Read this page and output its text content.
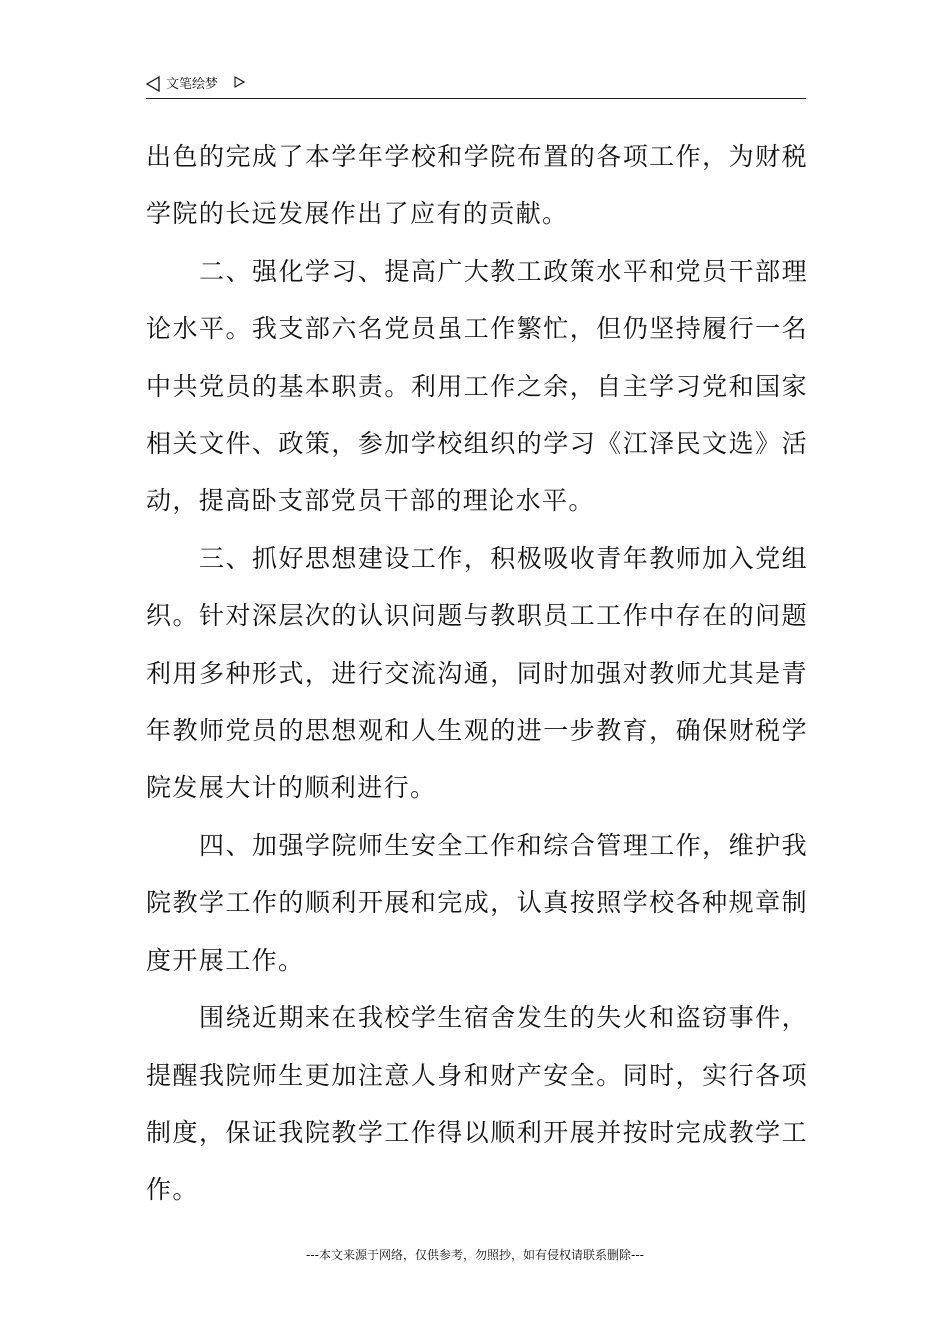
文笔绘梦

出色的完成了本学年学校和学院布置的各项工作，为财税学院的长远发展作出了应有的贡献。

二、强化学习、提高广大教工政策水平和党员干部理论水平。我支部六名党员虽工作繁忙，但仍坚持履行一名中共党员的基本职责。利用工作之余，自主学习党和国家相关文件、政策，参加学校组织的学习《江泽民文选》活动，提高卧支部党员干部的理论水平。

三、抓好思想建设工作，积极吸收青年教师加入党组织。针对深层次的认识问题与教职员工工作中存在的问题利用多种形式，进行交流沟通，同时加强对教师尤其是青年教师党员的思想观和人生观的进一步教育，确保财税学院发展大计的顺利进行。

四、加强学院师生安全工作和综合管理工作，维护我院教学工作的顺利开展和完成，认真按照学校各种规章制度开展工作。

围绕近期来在我校学生宿舍发生的失火和盗窃事件，提醒我院师生更加注意人身和财产安全。同时，实行各项制度，保证我院教学工作得以顺利开展并按时完成教学工作。

---本文来源于网络，仅供参考，勿照抄，如有侵权请联系删除---
